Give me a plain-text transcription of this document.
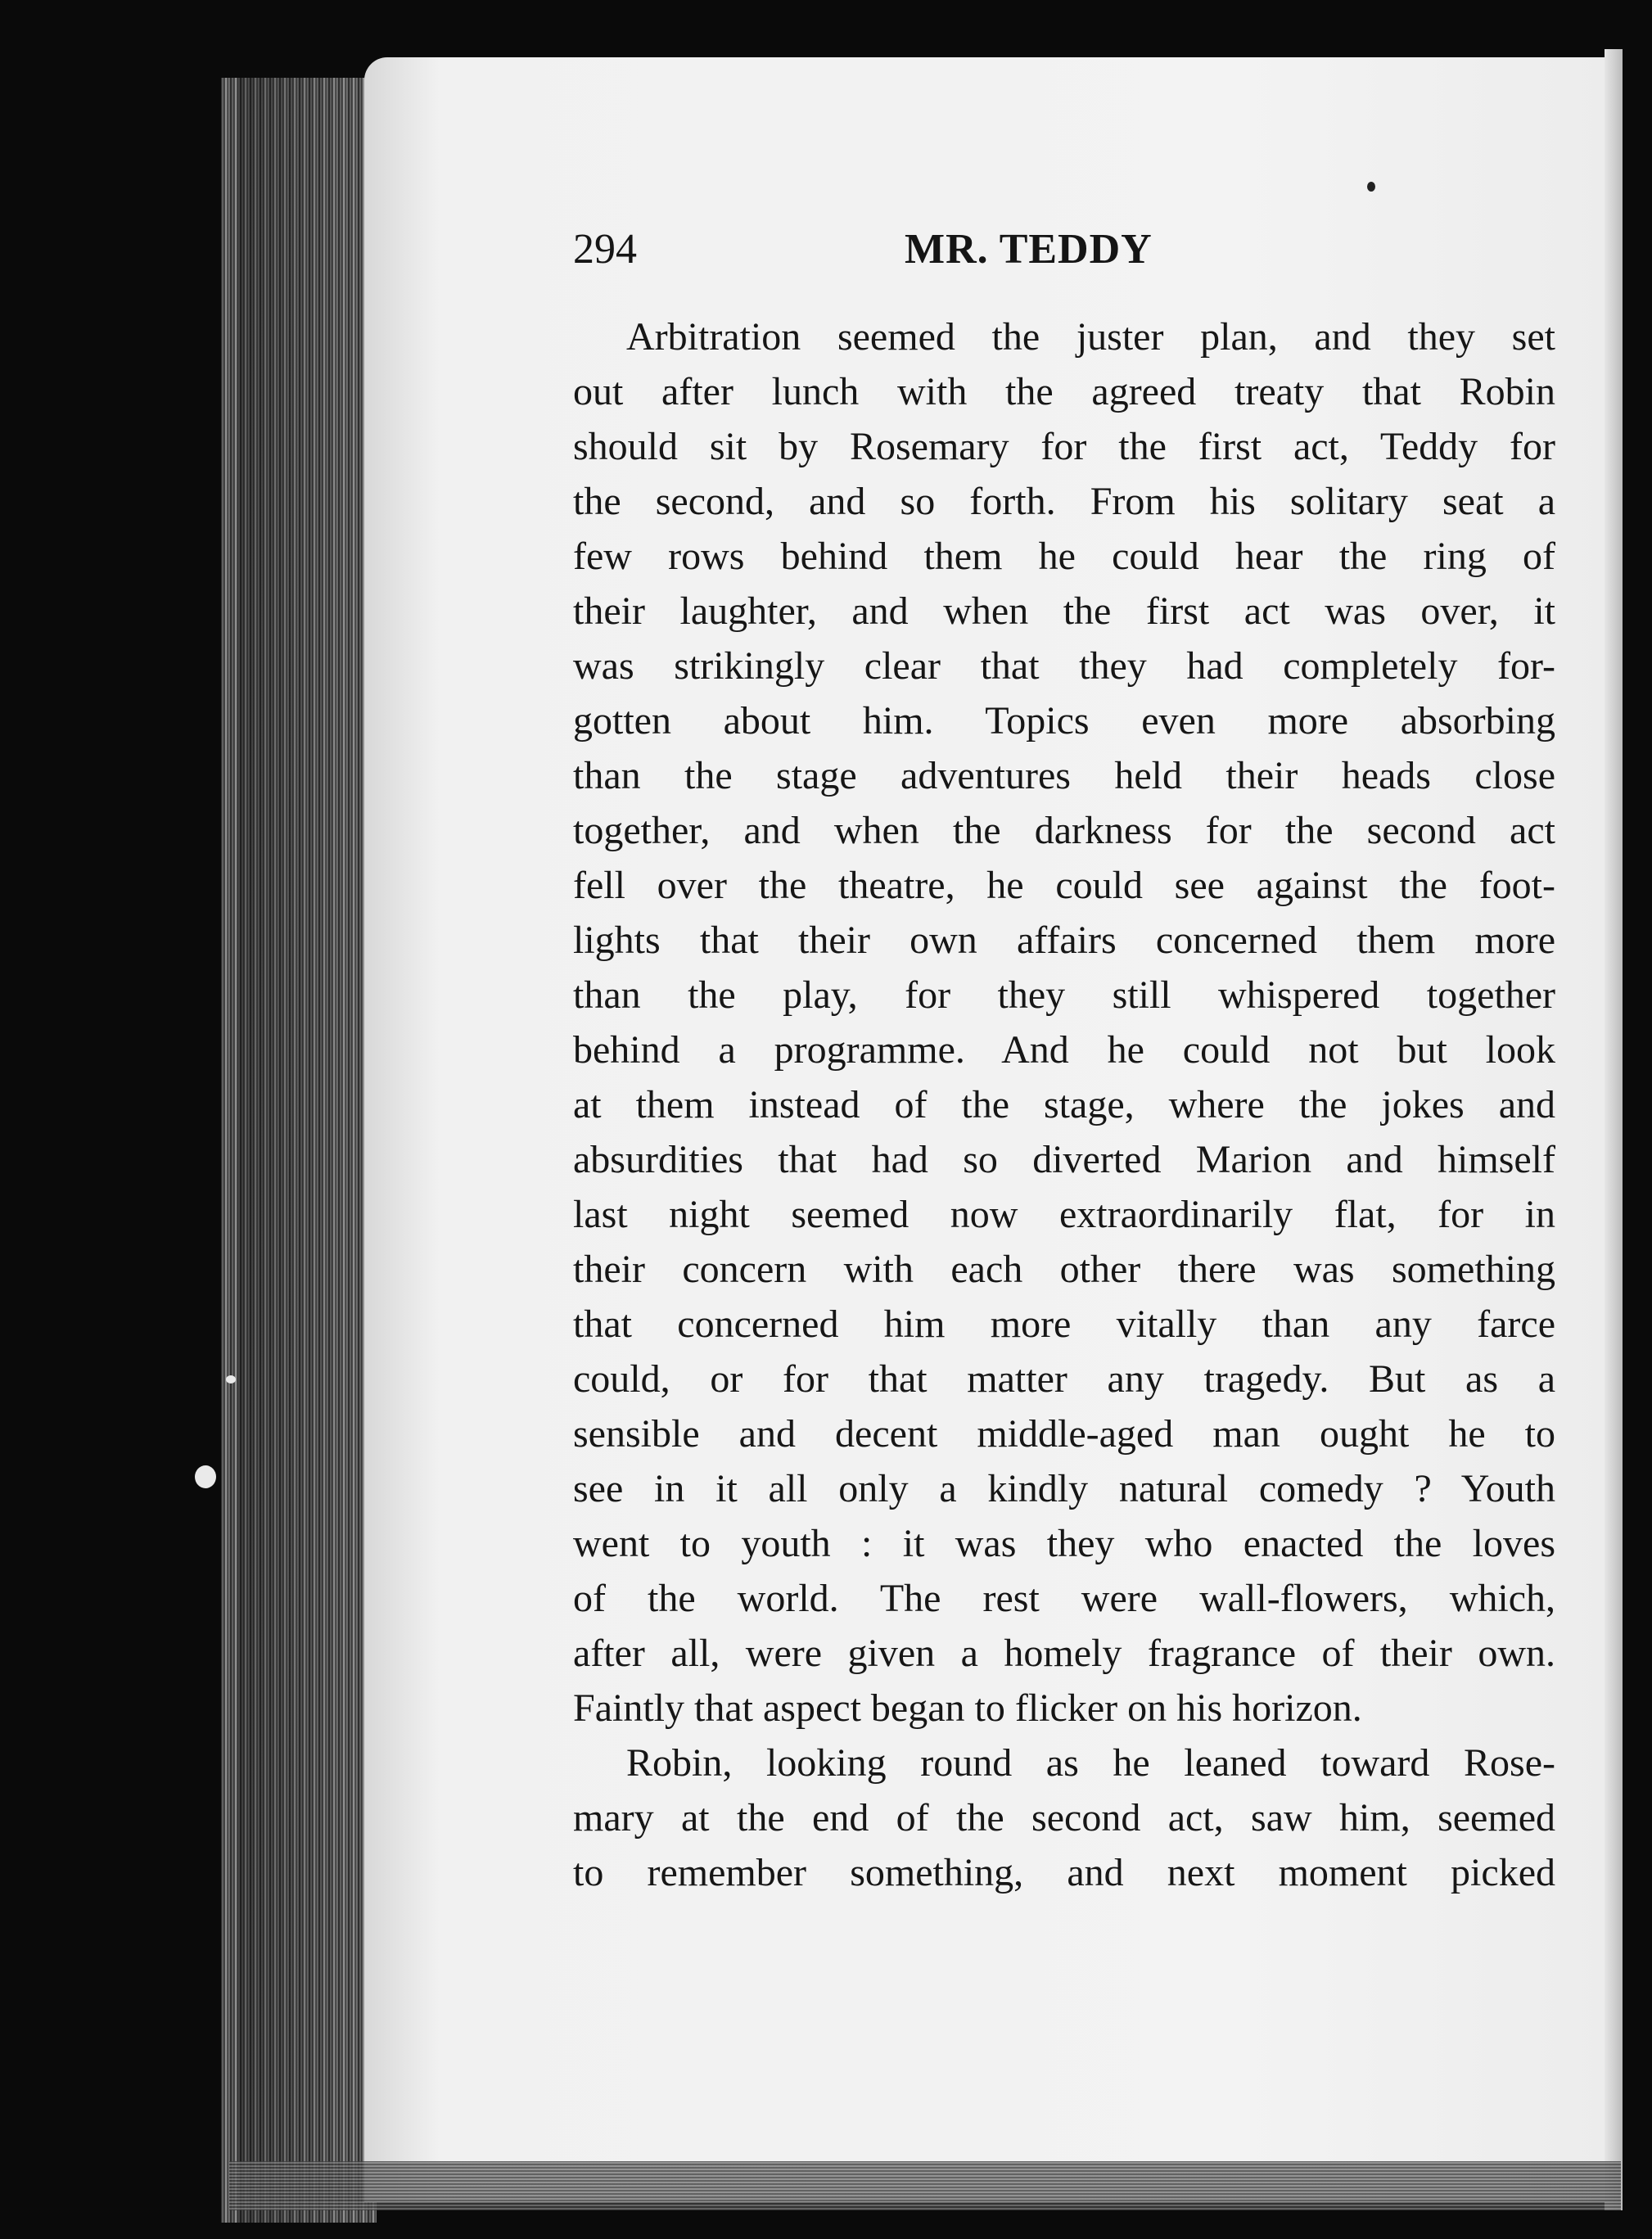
294	MR. TEDDY
Arbitration seemed the juster plan, and they set
out after lunch with the agreed treaty that Robin
should sit by Rosemary for the first act, Teddy for
the second, and so forth. From his solitary seat a
few rows behind them he could hear the ring of
their laughter, and when the first act was over, it
was strikingly clear that they had completely for-
gotten about him. Topics even more absorbing
than the stage adventures held their heads close
together, and when the darkness for the second act
fell over the theatre, he could see against the foot-
lights that their own affairs concerned them more
than the play, for they still whispered together
behind a programme. And he could not but look
at them instead of the stage, where the jokes and
absurdities that had so diverted Marion and himself
last night seemed now extraordinarily flat, for in
their concern with each other there was something
that concerned him more vitally than any farce
could, or for that matter any tragedy. But as a
sensible and decent middle-aged man ought he to
see in it all only a kindly natural comedy ? Youth
went to youth : it was they who enacted the loves
of the world. The rest were wall-flowers, which,
after all, were given a homely fragrance of their own.
Faintly that aspect began to flicker on his horizon.
Robin, looking round as he leaned toward Rose-
mary at the end of the second act, saw him, seemed
to remember something, and next moment picked
